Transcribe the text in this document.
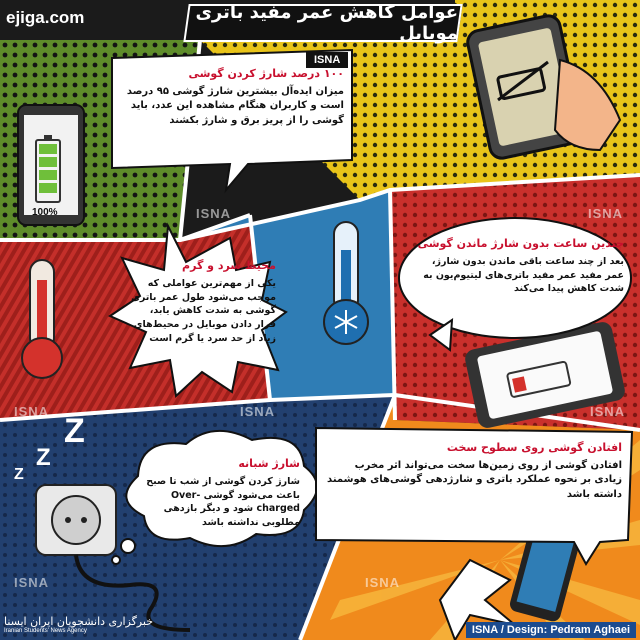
ejiga.com	عوامل کاهش عمر مفید باتری موبایل
ISNA
ISNA	ISNA
ISNA	ISNA	ISNA
ISNA	ISNA
100%
۱۰۰ درصد شارژ کردن گوشی

میزان ایده‌آل بیشترین شارژ گوشی ۹۵ درصد است و کاربران هنگام مشاهده این عدد، باید گوشی را از پریز برق و شارژ بکشند

محیط سرد و گرم

یکی از مهم‌ترین عواملی که موجب می‌شود طول عمر باتری گوشی به شدت کاهش یابد، قرار دادن موبایل در محیط‌های زیاد از حد سرد یا گرم است

چندین ساعت بدون شارژ ماندن گوشی

بعد از چند ساعت باقی ماندن بدون شارژ، عمر مفید عمر مفید باتری‌های لیتیوم‌یون به شدت کاهش پیدا می‌کند

شارژ شبانه

شارژ کردن گوشی از شب تا صبح باعث می‌شود گوشی Over-charged شود و دیگر بازدهی مطلوبی نداشته باشد

افتادن گوشی روی سطوح سخت

افتادن گوشی از روی زمین‌ها سخت می‌تواند اثر مخرب زیادی بر نحوه عملکرد باتری و شارژدهی گوشی‌های هوشمند داشته باشد

Z
Z
Z
خبرگزاری دانشجویان ایران ایسنا
Iranian Students' News Agency	ISNA / Design: Pedram Aghaei
